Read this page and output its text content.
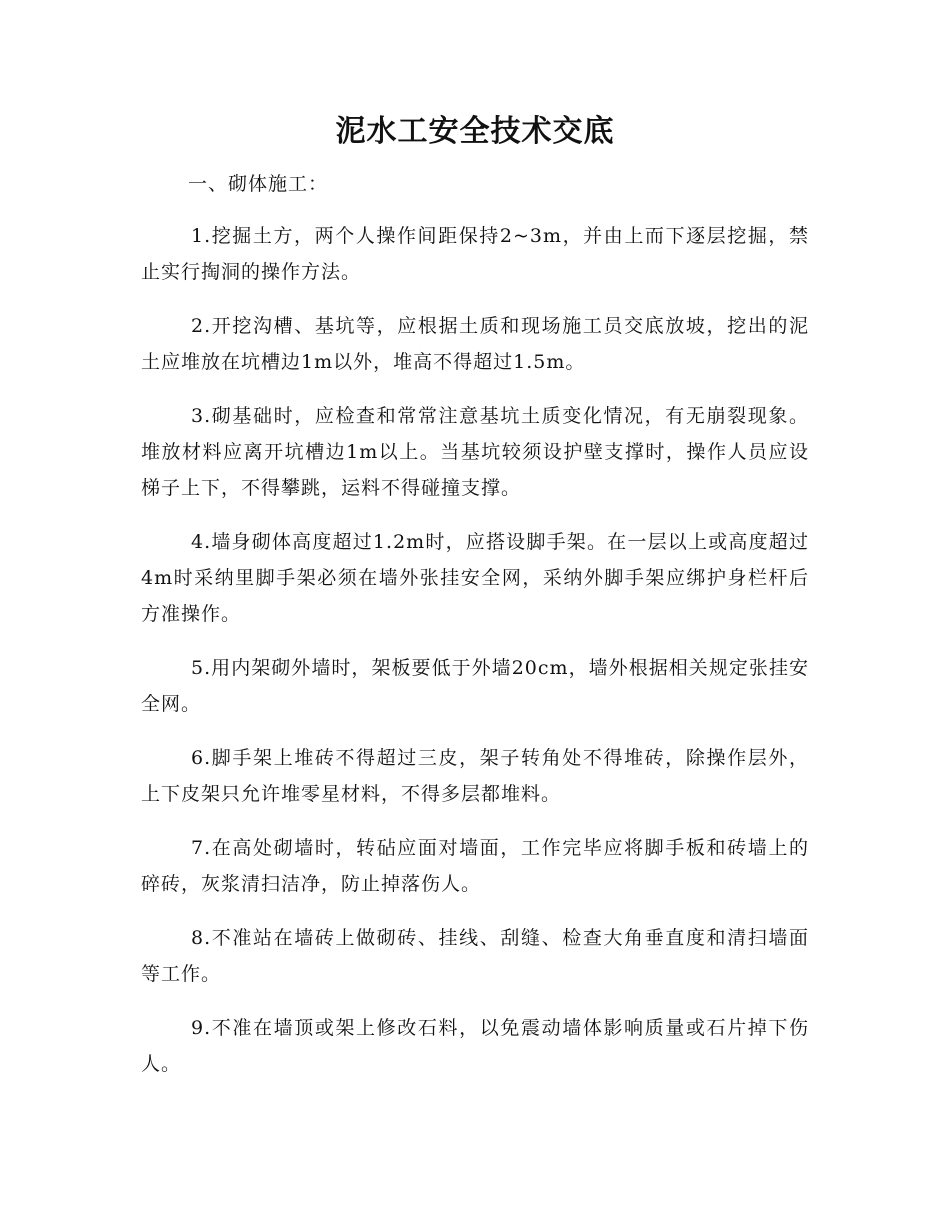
泥水工安全技术交底
一、砌体施工：

1.挖掘土方，两个人操作间距保持2~3m，并由上而下逐层挖掘，禁止实行掏洞的操作方法。

2.开挖沟槽、基坑等，应根据土质和现场施工员交底放坡，挖出的泥土应堆放在坑槽边1m以外，堆高不得超过1.5m。

3.砌基础时，应检查和常常注意基坑土质变化情况，有无崩裂现象。堆放材料应离开坑槽边1m以上。当基坑较须设护壁支撑时，操作人员应设梯子上下，不得攀跳，运料不得碰撞支撑。

4.墙身砌体高度超过1.2m时，应搭设脚手架。在一层以上或高度超过4m时采纳里脚手架必须在墙外张挂安全网，采纳外脚手架应绑护身栏杆后方准操作。

5.用内架砌外墙时，架板要低于外墙20cm，墙外根据相关规定张挂安全网。

6.脚手架上堆砖不得超过三皮，架子转角处不得堆砖，除操作层外，上下皮架只允许堆零星材料，不得多层都堆料。

7.在高处砌墙时，转砧应面对墙面，工作完毕应将脚手板和砖墙上的碎砖，灰浆清扫洁净，防止掉落伤人。

8.不准站在墙砖上做砌砖、挂线、刮缝、检查大角垂直度和清扫墙面等工作。

9.不准在墙顶或架上修改石料，以免震动墙体影响质量或石片掉下伤人。
